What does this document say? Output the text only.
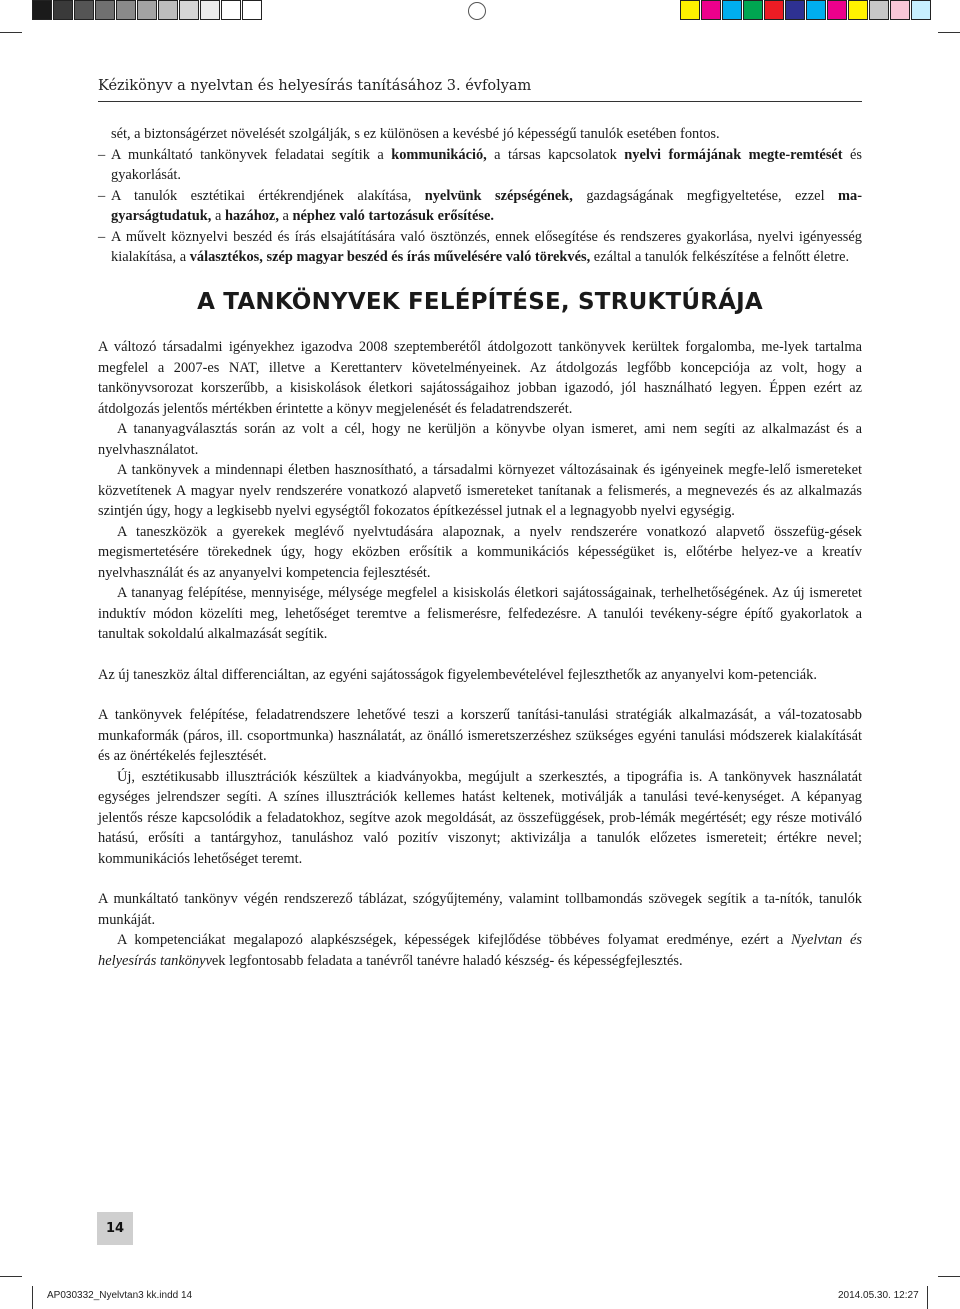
Kézikönyv a nyelvtan és helyesírás tanításához 3. évfolyam
sét, a biztonságérzet növelését szolgálják, s ez különösen a kevésbé jó képességű tanulók esetében fontos.
– A munkáltató tankönyvek feladatai segítik a kommunikáció, a társas kapcsolatok nyelvi formájának megte-remtését és gyakorlását.
– A tanulók esztétikai értékrendjének alakítása, nyelvünk szépségének, gazdagságának megfigyeltetése, ezzel ma-gyarságtudatuk, a hazához, a néphez való tartozásuk erősítése.
– A művelt köznyelvi beszéd és írás elsajátítására való ösztönzés, ennek elősegítése és rendszeres gyakorlása, nyelvi igényesség kialakítása, a választékos, szép magyar beszéd és írás művelésére való törekvés, ezáltal a tanulók felkészítése a felnőtt életre.
A TANKÖNYVEK FELÉPÍTÉSE, STRUKTÚRÁJA

A változó társadalmi igényekhez igazodva 2008 szeptemberétől átdolgozott tankönyvek kerültek forgalomba, me-lyek tartalma megfelel a 2007-es NAT, illetve a Kerettanterv követelményeinek. Az átdolgozás legfőbb koncepciója az volt, hogy a tankönyvsorozat korszerűbb, a kisiskolások életkori sajátosságaihoz jobban igazodó, jól használható legyen. Éppen ezért az átdolgozás jelentős mértékben érintette a könyv megjelenését és feladatrendszerét.

A tananyagválasztás során az volt a cél, hogy ne kerüljön a könyvbe olyan ismeret, ami nem segíti az alkalmazást és a nyelvhasználatot.

A tankönyvek a mindennapi életben hasznosítható, a társadalmi környezet változásainak és igényeinek megfe-lelő ismereteket közvetítenek A magyar nyelv rendszerére vonatkozó alapvető ismereteket tanítanak a felismerés, a megnevezés és az alkalmazás szintjén úgy, hogy a legkisebb nyelvi egységtől fokozatos építkezéssel jutnak el a legnagyobb nyelvi egységig.

A taneszközök a gyerekek meglévő nyelvtudására alapoznak, a nyelv rendszerére vonatkozó alapvető összefüg-gések megismertetésére törekednek úgy, hogy eközben erősítik a kommunikációs képességüket is, előtérbe helyez-ve a kreatív nyelvhasználát és az anyanyelvi kompetencia fejlesztését.

A tananyag felépítése, mennyisége, mélysége megfelel a kisiskolás életkori sajátosságainak, terhelhetőségének. Az új ismeretet induktív módon közelíti meg, lehetőséget teremtve a felismerésre, felfedezésre. A tanulói tevékeny-ségre építő gyakorlatok a tanultak sokoldalú alkalmazását segítik.

Az új taneszköz által differenciáltan, az egyéni sajátosságok figyelembevételével fejleszthetők az anyanyelvi kom-petenciák.

A tankönyvek felépítése, feladatrendszere lehetővé teszi a korszerű tanítási-tanulási stratégiák alkalmazását, a vál-tozatosabb munkaformák (páros, ill. csoportmunka) használatát, az önálló ismeretszerzéshez szükséges egyéni tanulási módszerek kialakítását és az önértékelés fejlesztését.

Új, esztétikusabb illusztrációk készültek a kiadványokba, megújult a szerkesztés, a tipográfia is. A tankönyvek használatát egységes jelrendszer segíti. A színes illusztrációk kellemes hatást keltenek, motiválják a tanulási tevé-kenységet. A képanyag jelentős része kapcsolódik a feladatokhoz, segítve azok megoldását, az összefüggések, prob-lémák megértését; egy része motiváló hatású, erősíti a tantárgyhoz, tanuláshoz való pozitív viszonyt; aktivizálja a tanulók előzetes ismereteit; értékre nevel; kommunikációs lehetőséget teremt.

A munkáltató tankönyv végén rendszerező táblázat, szógyűjtemény, valamint tollbamondás szövegek segítik a ta-nítók, tanulók munkáját.

A kompetenciákat megalapozó alapkészségek, képességek kifejlődése többéves folyamat eredménye, ezért a Nyelvtan és helyesírás tankönyvek legfontosabb feladata a tanévről tanévre haladó készség- és képességfejlesztés.

14
AP030332_Nyelvtan3 kk.indd 14	2014.05.30. 12:27
